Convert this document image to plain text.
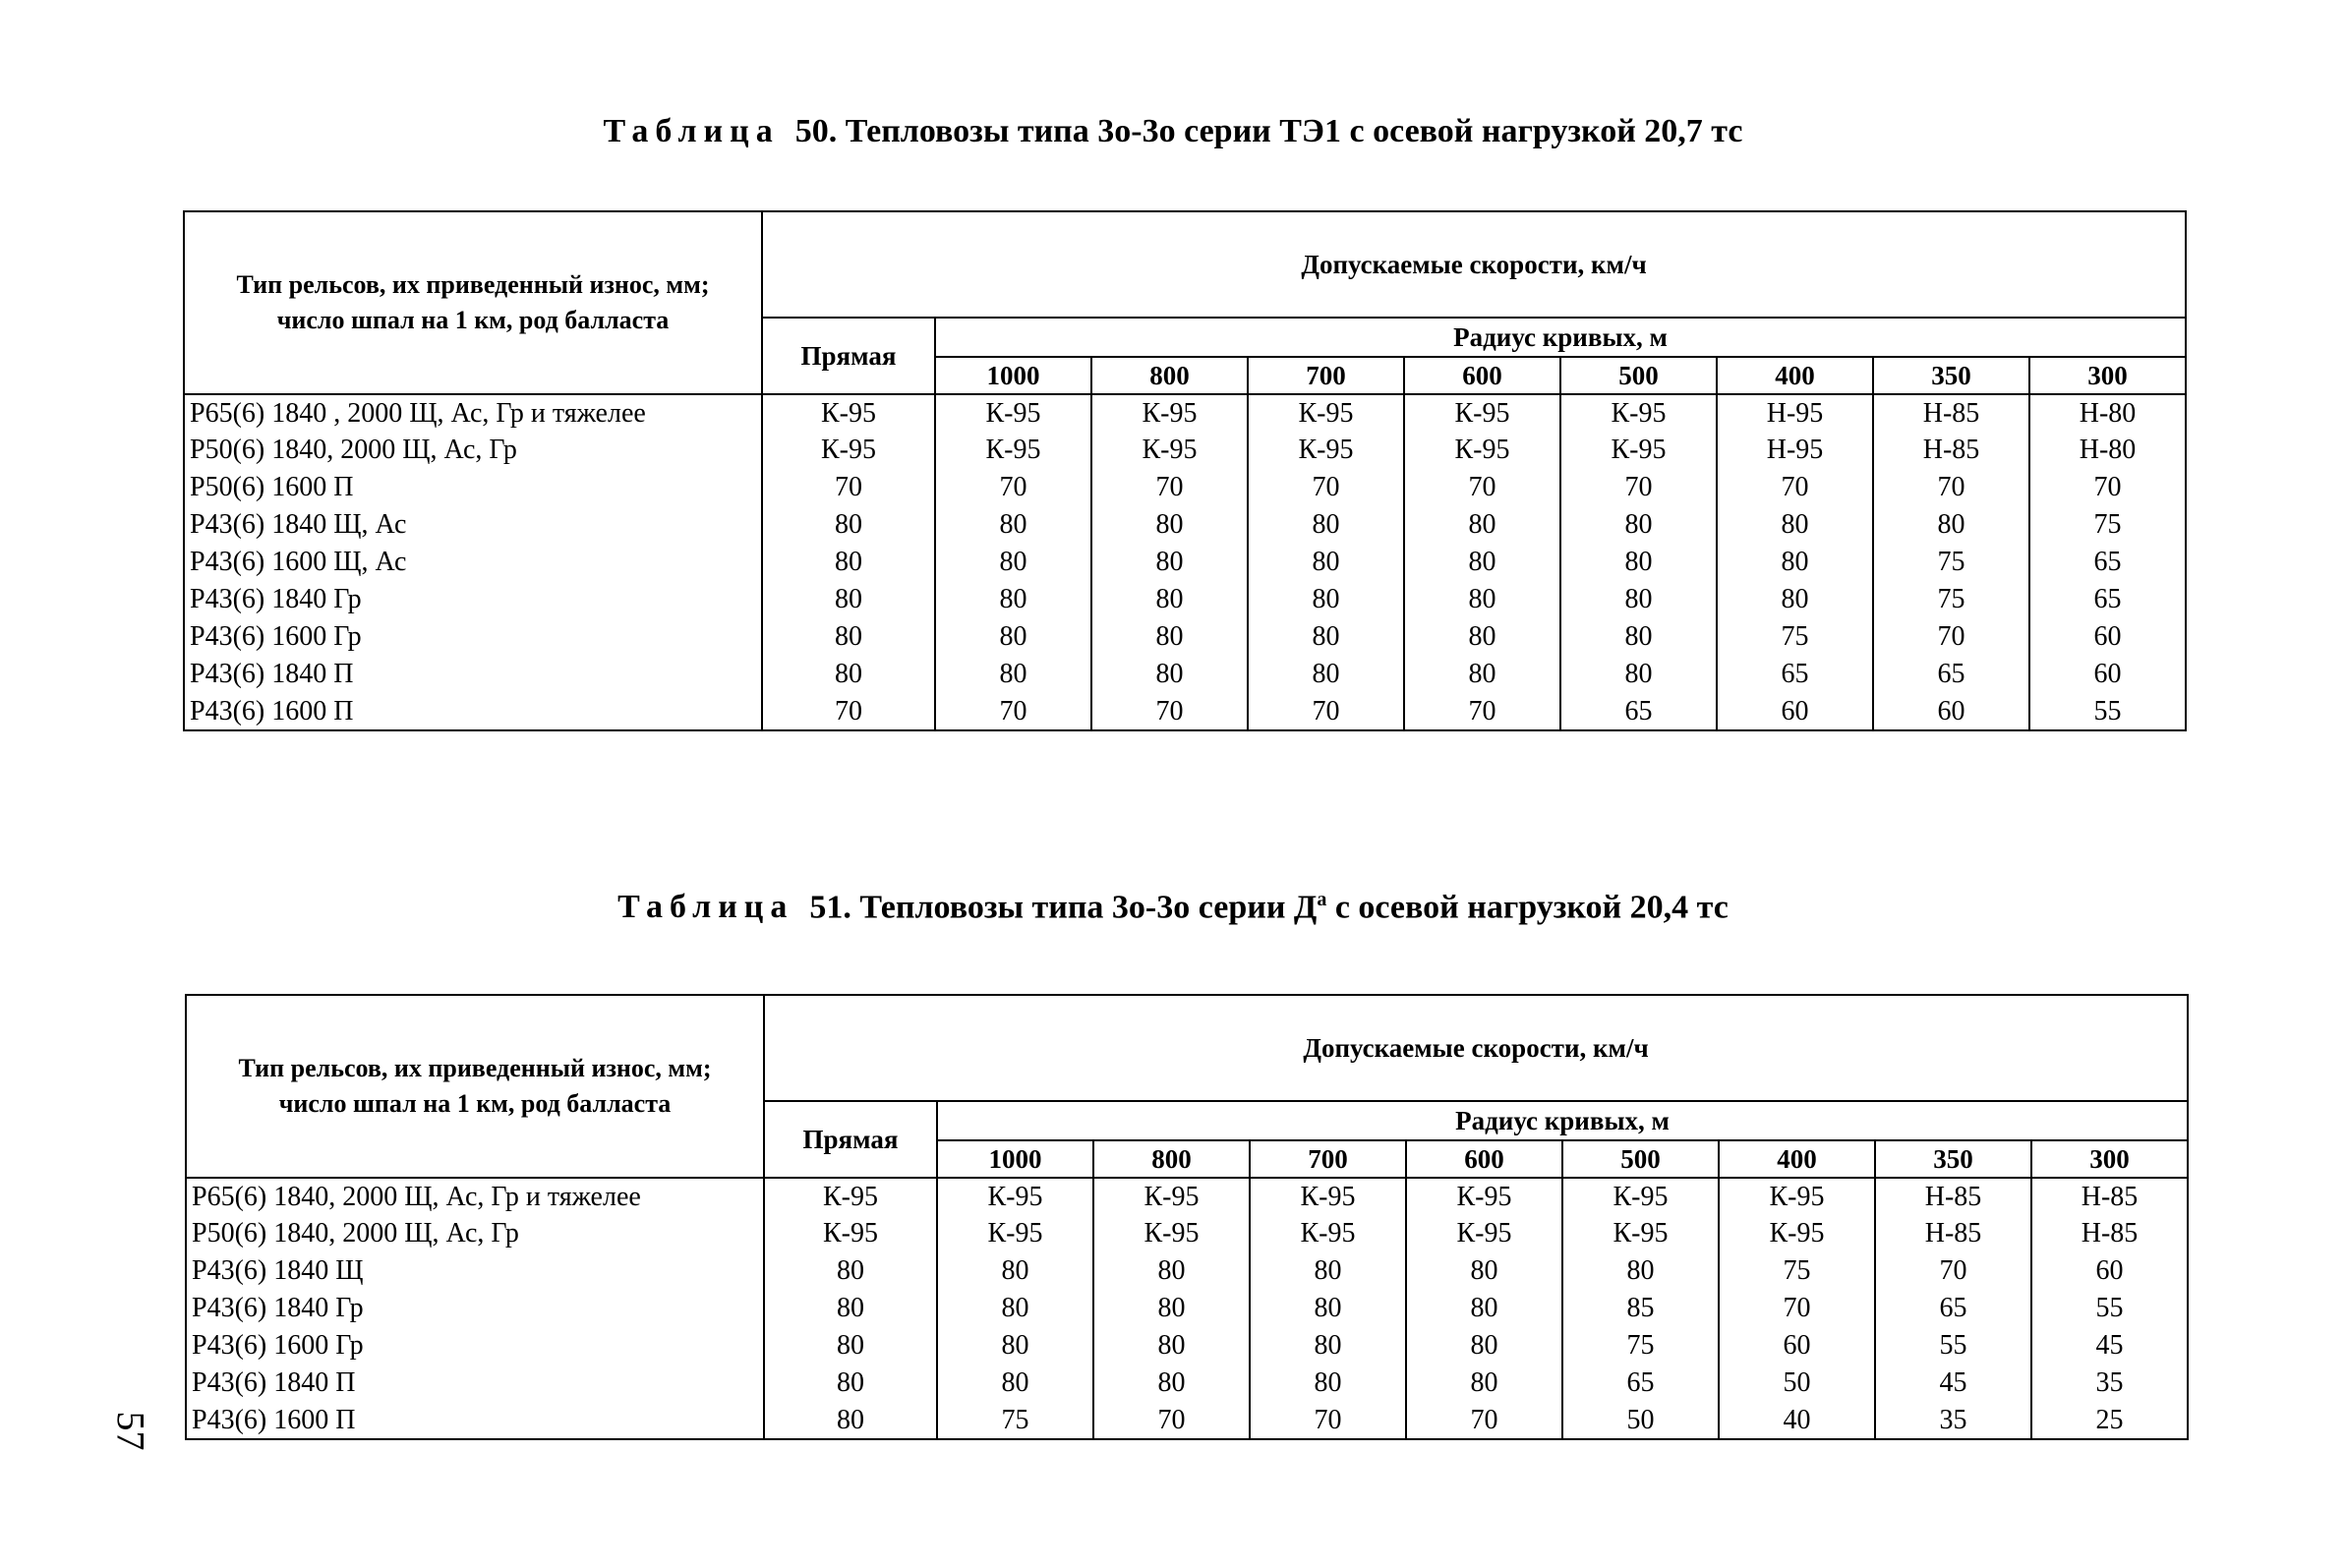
Таблица 50. Тепловозы типа 3о-3о серии ТЭ1 с осевой нагрузкой 20,7 тс
Тип рельсов, их приведенный износ, мм; число шпал на 1 км, род балласта	Допускаемые скорости, км/ч								
	Прямая	Радиус кривых, м							
		1000	800	700	600	500	400	350	300
Р65(6) 1840 , 2000 Щ, Ас, Гр и тяжелее	К-95	К-95	К-95	К-95	К-95	К-95	Н-95	Н-85	Н-80
Р50(6) 1840, 2000 Щ, Ас, Гр	К-95	К-95	К-95	К-95	К-95	К-95	Н-95	Н-85	Н-80
Р50(6) 1600 П	70	70	70	70	70	70	70	70	70
Р43(6) 1840 Щ, Ас	80	80	80	80	80	80	80	80	75
Р43(6) 1600 Щ, Ас	80	80	80	80	80	80	80	75	65
Р43(6) 1840 Гр	80	80	80	80	80	80	80	75	65
Р43(6) 1600 Гр	80	80	80	80	80	80	75	70	60
Р43(6) 1840 П	80	80	80	80	80	80	65	65	60
Р43(6) 1600 П	70	70	70	70	70	65	60	60	55
Таблица 51. Тепловозы типа 3о-3о серии $Д^а$ с осевой нагрузкой 20,4 тс
Тип рельсов, их приведенный износ, мм; число шпал на 1 км, род балласта	Допускаемые скорости, км/ч								
	Прямая	Радиус кривых, м							
		1000	800	700	600	500	400	350	300
Р65(6) 1840, 2000 Щ, Ас, Гр и тяжелее	К-95	К-95	К-95	К-95	К-95	К-95	К-95	Н-85	Н-85
Р50(6) 1840, 2000 Щ, Ас, Гр	К-95	К-95	К-95	К-95	К-95	К-95	К-95	Н-85	Н-85
Р43(6) 1840 Щ	80	80	80	80	80	80	75	70	60
Р43(6) 1840 Гр	80	80	80	80	80	85	70	65	55
Р43(6) 1600 Гр	80	80	80	80	80	75	60	55	45
Р43(6) 1840 П	80	80	80	80	80	65	50	45	35
Р43(6) 1600 П	80	75	70	70	70	50	40	35	25
57
